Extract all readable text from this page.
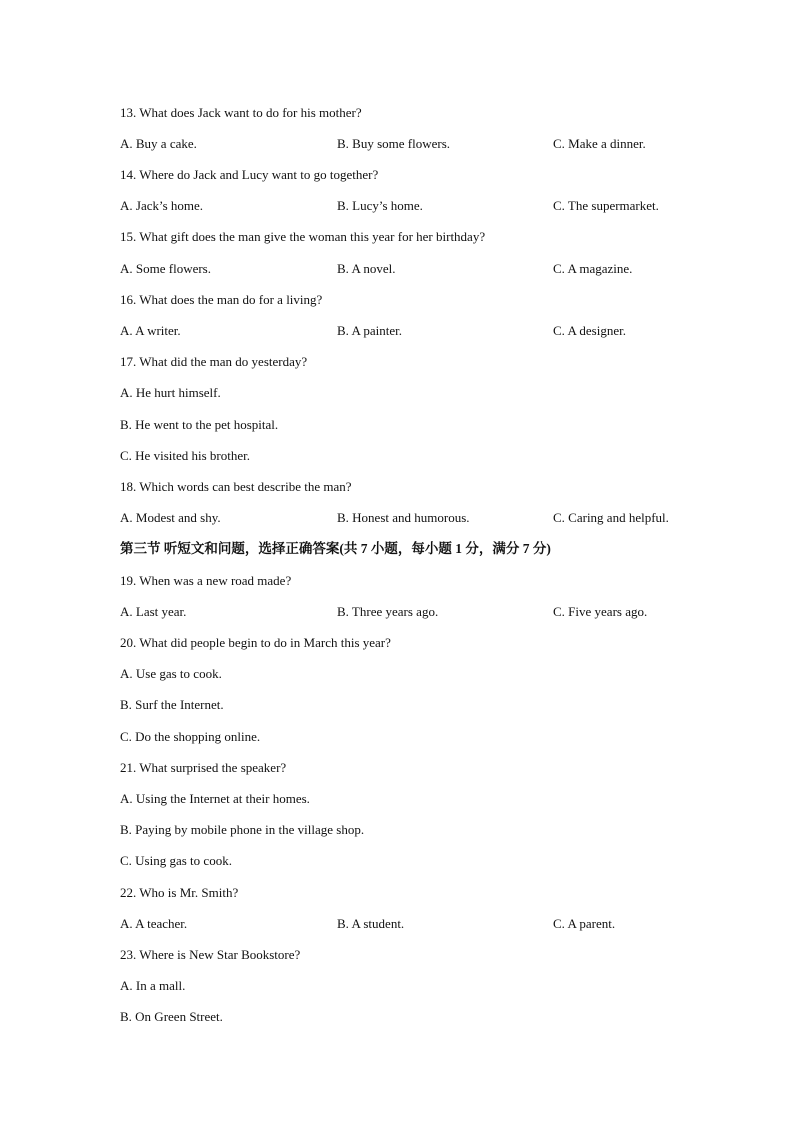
13. What does Jack want to do for his mother?
A. Buy a cake.	B. Buy some flowers.	C. Make a dinner.
14. Where do Jack and Lucy want to go together?
A. Jack’s home.	B. Lucy’s home.	C. The supermarket.
15. What gift does the man give the woman this year for her birthday?
A. Some flowers.	B. A novel.	C. A magazine.
16. What does the man do for a living?
A. A writer.	B. A painter.	C. A designer.
17. What did the man do yesterday?
A. He hurt himself.
B. He went to the pet hospital.
C. He visited his brother.
18. Which words can best describe the man?
A. Modest and shy.	B. Honest and humorous.	C. Caring and helpful.
第三节 听短文和问题，选择正确答案(共 7 小题，每小题 1 分，满分 7 分)
19. When was a new road made?
A. Last year.	B. Three years ago.	C. Five years ago.
20. What did people begin to do in March this year?
A. Use gas to cook.
B. Surf the Internet.
C. Do the shopping online.
21. What surprised the speaker?
A. Using the Internet at their homes.
B. Paying by mobile phone in the village shop.
C. Using gas to cook.
22. Who is Mr. Smith?
A. A teacher.	B. A student.	C. A parent.
23. Where is New Star Bookstore?
A. In a mall.
B. On Green Street.
